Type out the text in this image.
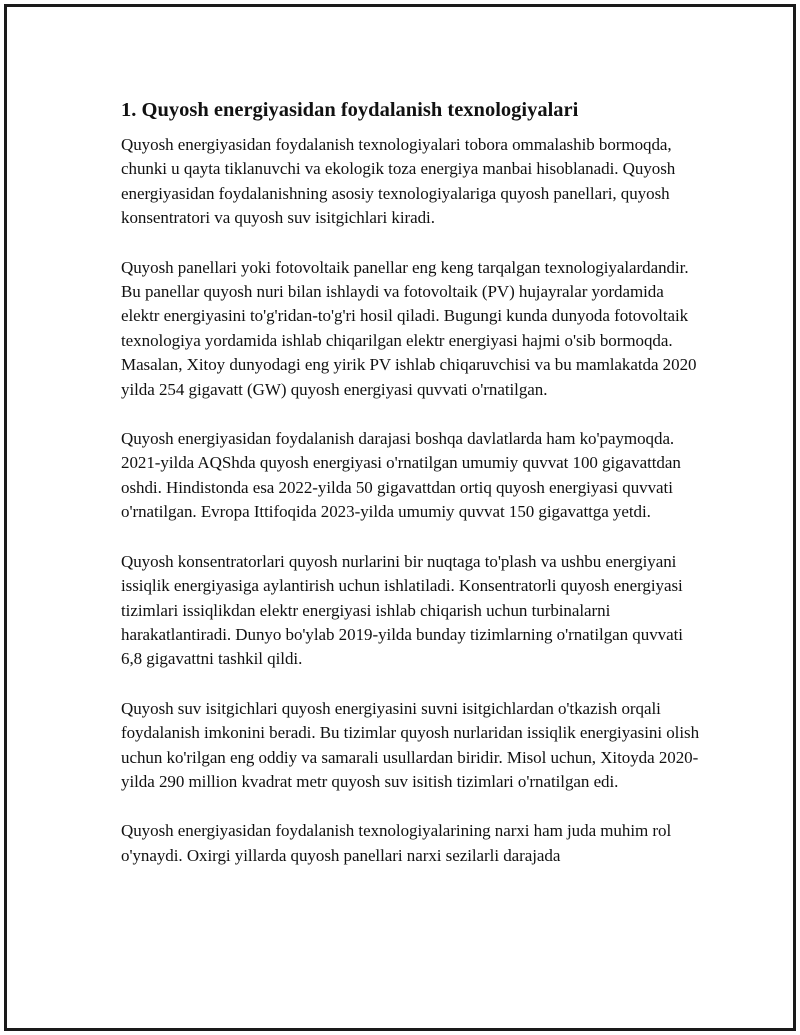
1. Quyosh energiyasidan foydalanish texnologiyalari

Quyosh energiyasidan foydalanish texnologiyalari tobora ommalashib bormoqda, chunki u qayta tiklanuvchi va ekologik toza energiya manbai hisoblanadi. Quyosh energiyasidan foydalanishning asosiy texnologiyalariga quyosh panellari, quyosh konsentratori va quyosh suv isitgichlari kiradi.

Quyosh panellari yoki fotovoltaik panellar eng keng tarqalgan texnologiyalardandir. Bu panellar quyosh nuri bilan ishlaydi va fotovoltaik (PV) hujayralar yordamida elektr energiyasini to'g'ridan-to'g'ri hosil qiladi. Bugungi kunda dunyoda fotovoltaik texnologiya yordamida ishlab chiqarilgan elektr energiyasi hajmi o'sib bormoqda. Masalan, Xitoy dunyodagi eng yirik PV ishlab chiqaruvchisi va bu mamlakatda 2020 yilda 254 gigavatt (GW) quyosh energiyasi quvvati o'rnatilgan.

Quyosh energiyasidan foydalanish darajasi boshqa davlatlarda ham ko'paymoqda. 2021-yilda AQShda quyosh energiyasi o'rnatilgan umumiy quvvat 100 gigavattdan oshdi. Hindistonda esa 2022-yilda 50 gigavattdan ortiq quyosh energiyasi quvvati o'rnatilgan. Evropa Ittifoqida 2023-yilda umumiy quvvat 150 gigavattga yetdi.

Quyosh konsentratorlari quyosh nurlarini bir nuqtaga to'plash va ushbu energiyani issiqlik energiyasiga aylantirish uchun ishlatiladi. Konsentratorli quyosh energiyasi tizimlari issiqlikdan elektr energiyasi ishlab chiqarish uchun turbinalarni harakatlantiradi. Dunyo bo'ylab 2019-yilda bunday tizimlarning o'rnatilgan quvvati 6,8 gigavattni tashkil qildi.

Quyosh suv isitgichlari quyosh energiyasini suvni isitgichlardan o'tkazish orqali foydalanish imkonini beradi. Bu tizimlar quyosh nurlaridan issiqlik energiyasini olish uchun ko'rilgan eng oddiy va samarali usullardan biridir. Misol uchun, Xitoyda 2020-yilda 290 million kvadrat metr quyosh suv isitish tizimlari o'rnatilgan edi.

Quyosh energiyasidan foydalanish texnologiyalarining narxi ham juda muhim rol o'ynaydi. Oxirgi yillarda quyosh panellari narxi sezilarli darajada
